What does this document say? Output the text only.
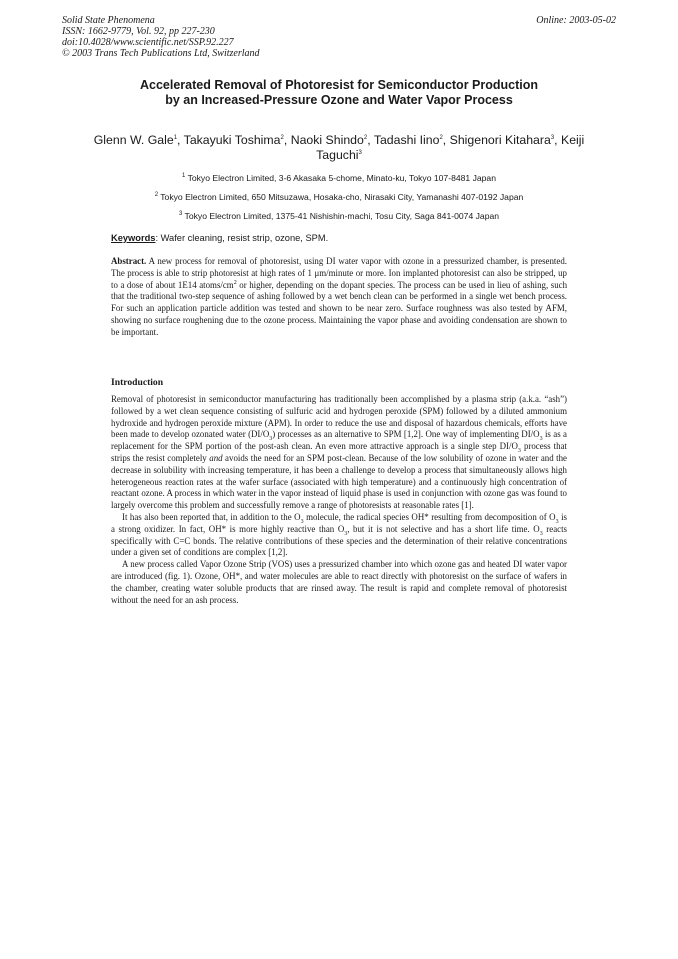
Solid State Phenomena
ISSN: 1662-9779, Vol. 92, pp 227-230
doi:10.4028/www.scientific.net/SSP.92.227
© 2003 Trans Tech Publications Ltd, Switzerland
Online: 2003-05-02
Accelerated Removal of Photoresist for Semiconductor Production
by an Increased-Pressure Ozone and Water Vapor Process
Glenn W. Gale$^1$, Takayuki Toshima$^2$, Naoki Shindo$^2$, Tadashi Iino$^2$, Shigenori Kitahara$^3$, Keiji Taguchi$^3$
$^1$ Tokyo Electron Limited, 3-6 Akasaka 5-chome, Minato-ku, Tokyo 107-8481 Japan
$^2$ Tokyo Electron Limited, 650 Mitsuzawa, Hosaka-cho, Nirasaki City, Yamanashi 407-0192 Japan
$^3$ Tokyo Electron Limited, 1375-41 Nishishin-machi, Tosu City, Saga 841-0074 Japan
Keywords: Wafer cleaning, resist strip, ozone, SPM.

Abstract. A new process for removal of photoresist, using DI water vapor with ozone in a pressurized chamber, is presented. The process is able to strip photoresist at high rates of 1 μm/minute or more. Ion implanted photoresist can also be stripped, up to a dose of about 1E14 atoms/$cm^2$ or higher, depending on the dopant species. The process can be used in lieu of ashing, such that the traditional two-step sequence of ashing followed by a wet bench clean can be performed in a single wet bench process. For such an application particle addition was tested and shown to be near zero. Surface roughness was also tested by AFM, showing no surface roughening due to the ozone process. Maintaining the vapor phase and avoiding condensation are shown to be important.

Introduction

Removal of photoresist in semiconductor manufacturing has traditionally been accomplished by a plasma strip (a.k.a. “ash”) followed by a wet clean sequence consisting of sulfuric acid and hydrogen peroxide (SPM) followed by a diluted ammonium hydroxide and hydrogen peroxide mixture (APM). In order to reduce the use and disposal of hazardous chemicals, efforts have been made to develop ozonated water $(DI/O_3)$ processes as an alternative to SPM [1,2]. One way of implementing $DI/O_3$ is as a replacement for the SPM portion of the post-ash clean. An even more attractive approach is a single step $DI/O_3$ process that strips the resist completely and avoids the need for an SPM post-clean. Because of the low solubility of ozone in water and the decrease in solubility with increasing temperature, it has been a challenge to develop a process that simultaneously allows high heterogeneous reaction rates at the wafer surface (associated with high temperature) and a continuously high concentration of reactant ozone. A process in which water in the vapor instead of liquid phase is used in conjunction with ozone gas was found to largely overcome this problem and successfully remove a range of photoresists at reasonable rates [1].

It has also been reported that, in addition to the $O_3$ molecule, the radical species OH* resulting from decomposition of $O_3$ is a strong oxidizer. In fact, OH* is more highly reactive than $O_3$, but it is not selective and has a short life time. $O_3$ reacts specifically with C=C bonds. The relative contributions of these species and the determination of their relative concentrations under a given set of conditions are complex [1,2].

A new process called Vapor Ozone Strip (VOS) uses a pressurized chamber into which ozone gas and heated DI water vapor are introduced (fig. 1). Ozone, OH*, and water molecules are able to react directly with photoresist on the surface of wafers in the chamber, creating water soluble products that are rinsed away. The result is rapid and complete removal of photoresist without the need for an ash process.
